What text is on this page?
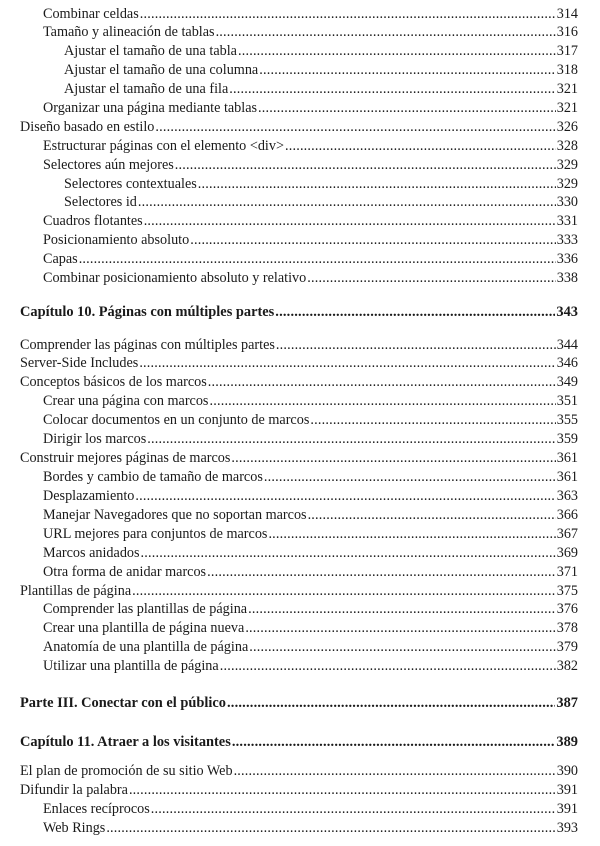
Combinar celdas .....	314
Tamaño y alineación de tablas .....	316
Ajustar el tamaño de una tabla .....	317
Ajustar el tamaño de una columna .....	318
Ajustar el tamaño de una fila .....	321
Organizar una página mediante tablas .....	321
Diseño basado en estilo .....	326
Estructurar páginas con el elemento <div> .....	328
Selectores aún mejores .....	329
Selectores contextuales .....	329
Selectores id .....	330
Cuadros flotantes .....	331
Posicionamiento absoluto .....	333
Capas .....	336
Combinar posicionamiento absoluto y relativo .....	338
Capítulo 10. Páginas con múltiples partes .....	343
Comprender las páginas con múltiples partes .....	344
Server-Side Includes .....	346
Conceptos básicos de los marcos .....	349
Crear una página con marcos .....	351
Colocar documentos en un conjunto de marcos .....	355
Dirigir los marcos .....	359
Construir mejores páginas de marcos .....	361
Bordes y cambio de tamaño de marcos .....	361
Desplazamiento .....	363
Manejar Navegadores que no soportan marcos .....	366
URL mejores para conjuntos de marcos .....	367
Marcos anidados .....	369
Otra forma de anidar marcos .....	371
Plantillas de página .....	375
Comprender las plantillas de página .....	376
Crear una plantilla de página nueva .....	378
Anatomía de una plantilla de página .....	379
Utilizar una plantilla de página .....	382
Parte III. Conectar con el público .....	387
Capítulo 11. Atraer a los visitantes .....	389
El plan de promoción de su sitio Web .....	390
Difundir la palabra .....	391
Enlaces recíprocos .....	391
Web Rings .....	393
